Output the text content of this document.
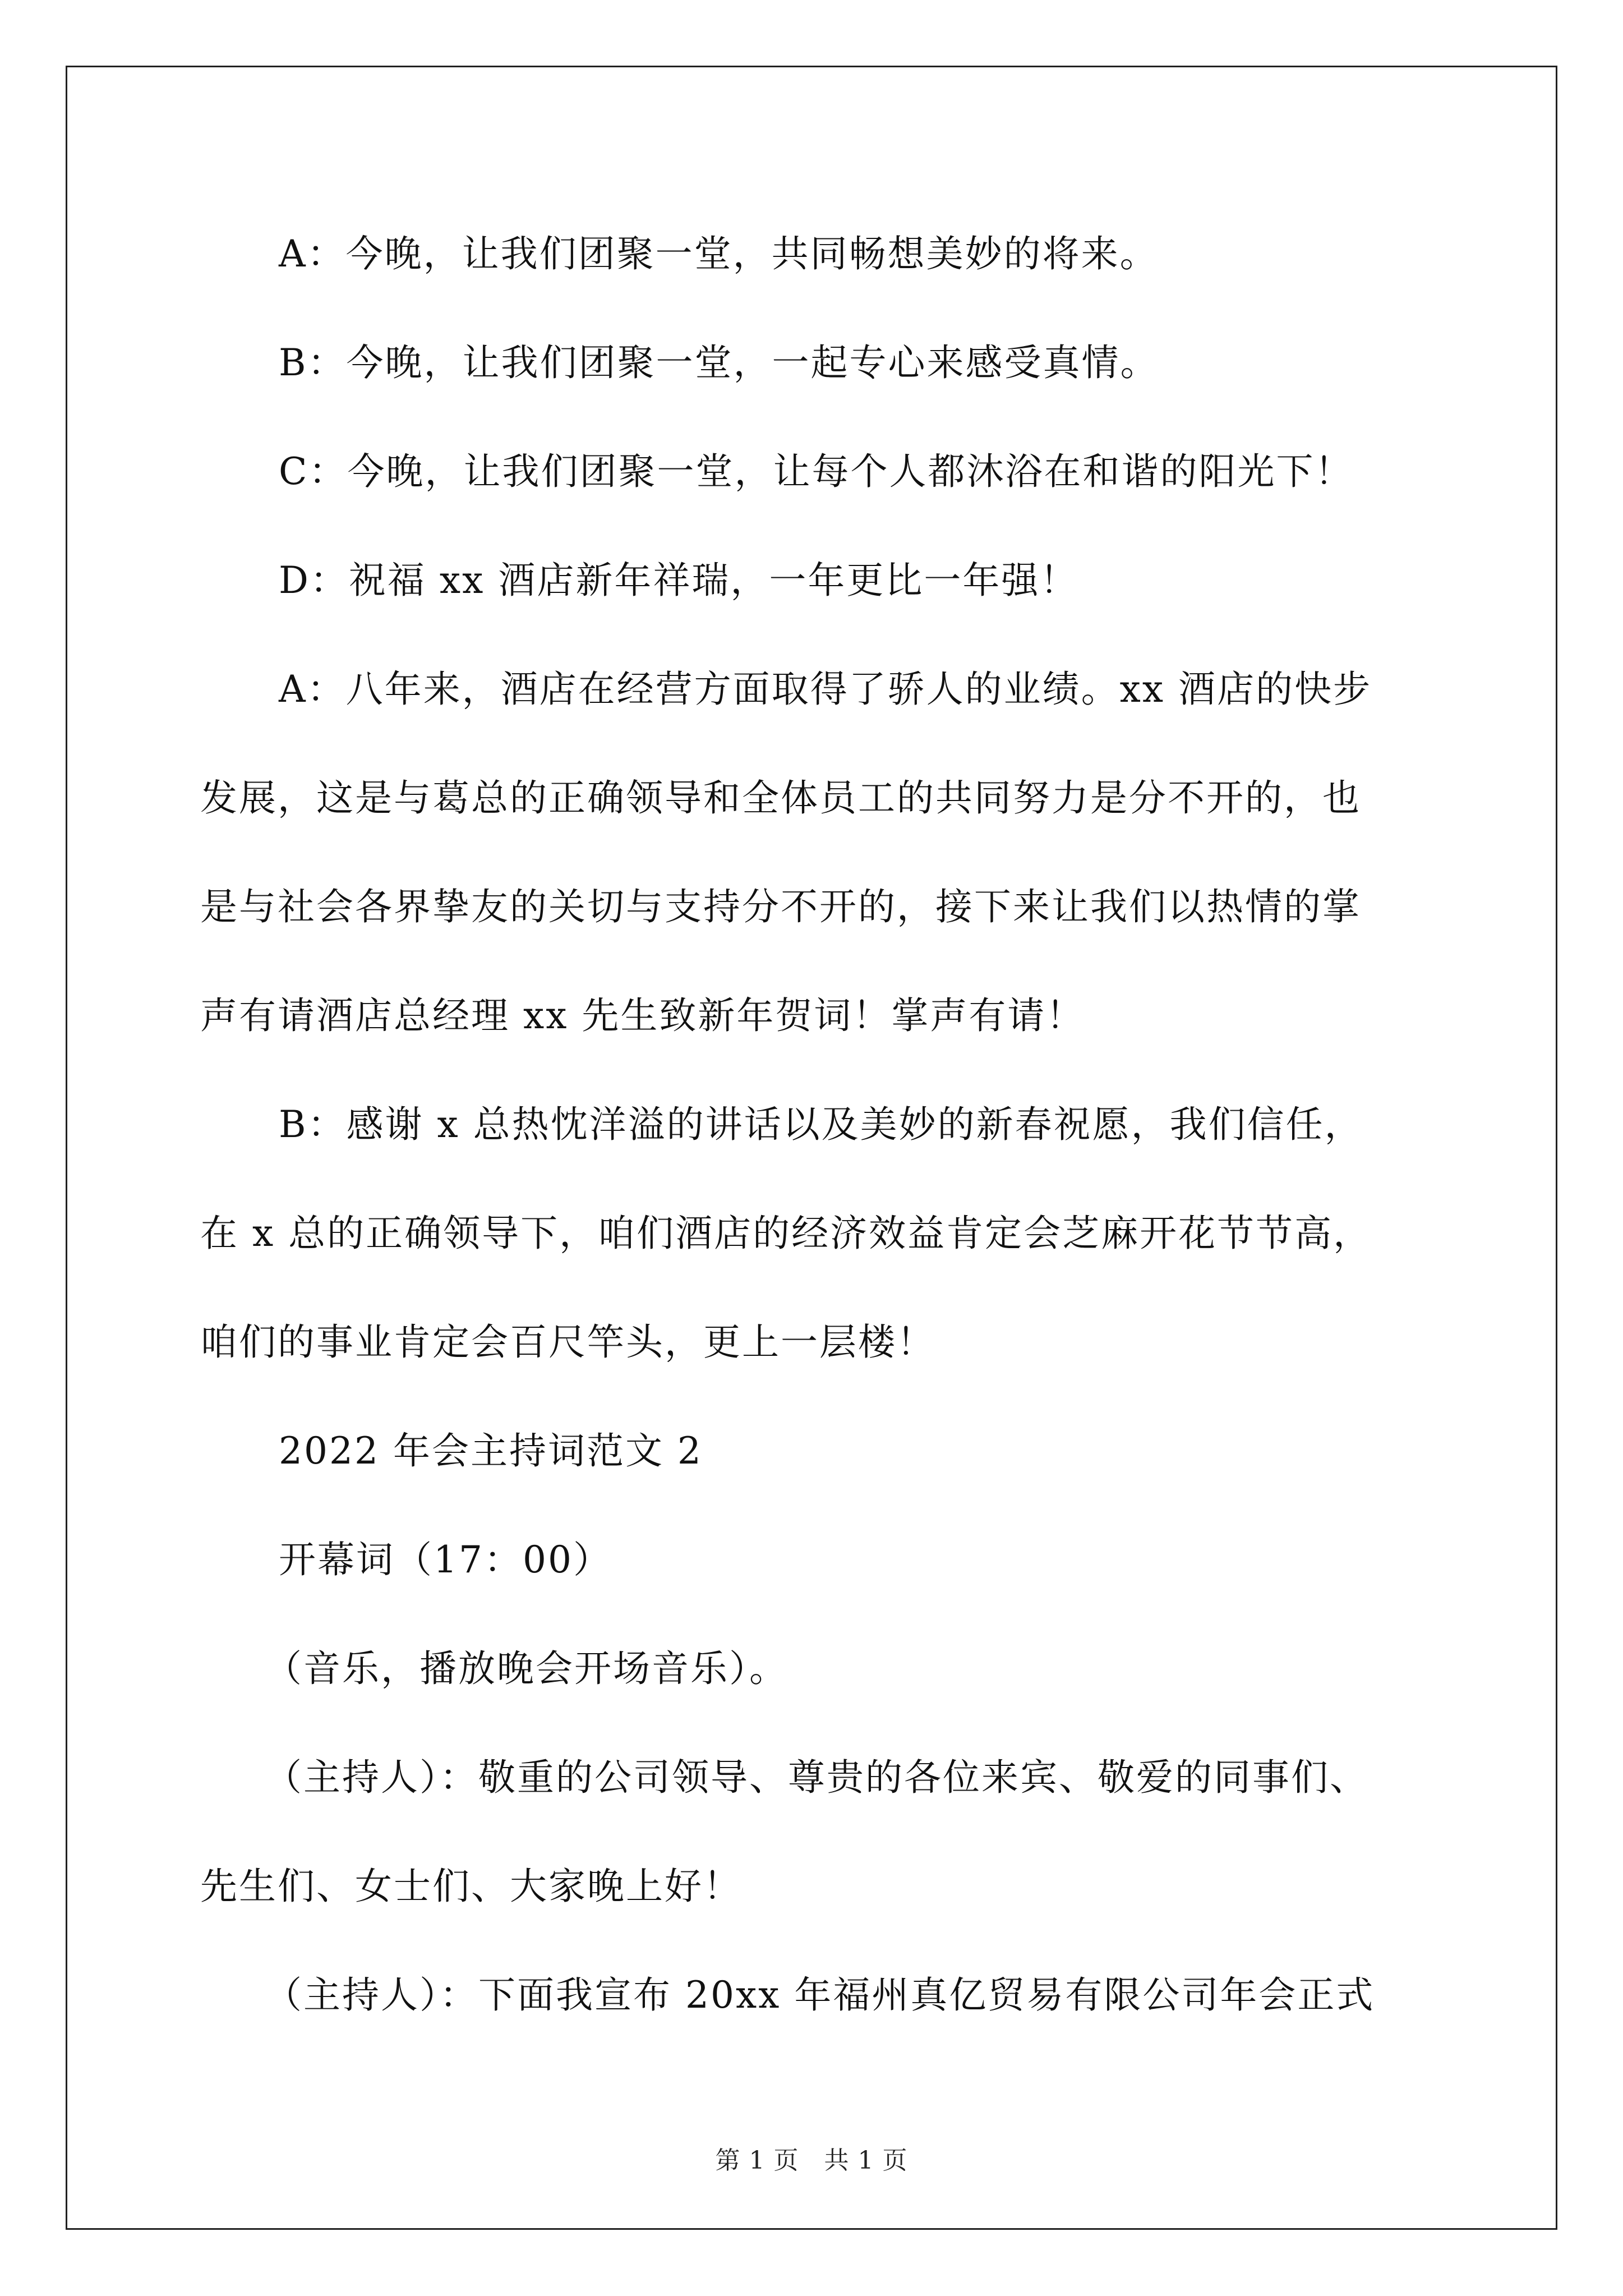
A：今晚，让我们团聚一堂，共同畅想美妙的将来。
B：今晚，让我们团聚一堂，一起专心来感受真情。
C：今晚，让我们团聚一堂，让每个人都沐浴在和谐的阳光下！
D：祝福 xx 酒店新年祥瑞，一年更比一年强！
A：八年来，酒店在经营方面取得了骄人的业绩。xx 酒店的快步
发展，这是与葛总的正确领导和全体员工的共同努力是分不开的，也
是与社会各界挚友的关切与支持分不开的，接下来让我们以热情的掌
声有请酒店总经理 xx 先生致新年贺词！掌声有请！
B：感谢 x 总热忱洋溢的讲话以及美妙的新春祝愿，我们信任，
在 x 总的正确领导下，咱们酒店的经济效益肯定会芝麻开花节节高，
咱们的事业肯定会百尺竿头，更上一层楼！
2022 年会主持词范文 2
开幕词（17：00）
（音乐，播放晚会开场音乐）。
（主持人）：敬重的公司领导、尊贵的各位来宾、敬爱的同事们、
先生们、女士们、大家晚上好！
（主持人）：下面我宣布 20xx 年福州真亿贸易有限公司年会正式
第 1 页　共 1 页
